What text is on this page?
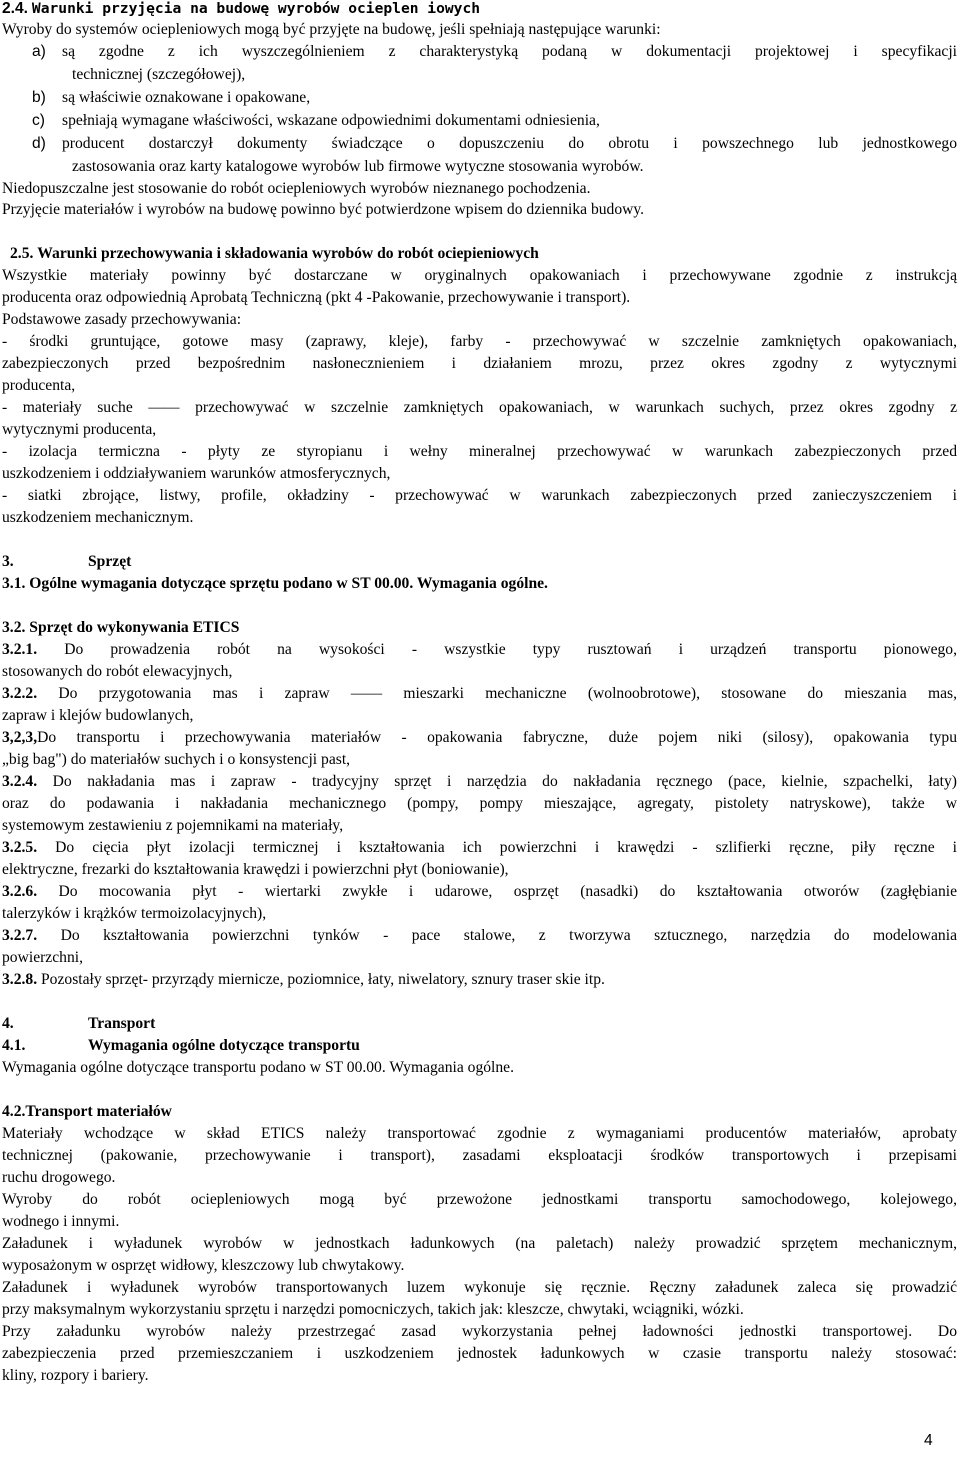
2.4. Warunki przyjęcia na budowę wyrobów ocieplen iowych
Wyroby do systemów ociepleniowych mogą być przyjęte na budowę, jeśli spełniają następujące warunki:
a) są zgodne z ich wyszczególnieniem z charakterystyką podaną w dokumentacji projektowej i specyfikacji
technicznej (szczegółowej),
b) są właściwie oznakowane i opakowane,
c) spełniają wymagane właściwości, wskazane odpowiednimi dokumentami odniesienia,
d) producent dostarczył dokumenty świadczące o dopuszczeniu do obrotu i powszechnego lub jednostkowego
zastosowania oraz karty katalogowe wyrobów lub firmowe wytyczne stosowania wyrobów.
Niedopuszczalne jest stosowanie do robót ociepleniowych wyrobów nieznanego pochodzenia.
Przyjęcie materiałów i wyrobów na budowę powinno być potwierdzone wpisem do dziennika budowy.
2.5. Warunki przechowywania i składowania wyrobów do robót ociepieniowych
Wszystkie materiały powinny być dostarczane w oryginalnych opakowaniach i przechowywane zgodnie z instrukcją
producenta oraz odpowiednią Aprobatą Techniczną (pkt 4 -Pakowanie, przechowywanie i transport).
Podstawowe zasady przechowywania:
- środki gruntujące, gotowe masy (zaprawy, kleje), farby - przechowywać w szczelnie zamkniętych opakowaniach,
zabezpieczonych przed bezpośrednim nasłonecznieniem i działaniem mrozu, przez okres zgodny z wytycznymi
producenta,
- materiały suche —— przechowywać w szczelnie zamkniętych opakowaniach, w warunkach suchych, przez okres zgodny z
wytycznymi producenta,
- izolacja termiczna - płyty ze styropianu i wełny mineralnej przechowywać w warunkach zabezpieczonych przed
uszkodzeniem i oddziaływaniem warunków atmosferycznych,
- siatki zbrojące, listwy, profile, okładziny - przechowywać w warunkach zabezpieczonych przed zanieczyszczeniem i
uszkodzeniem mechanicznym.
3.	Sprzęt
3.1. Ogólne wymagania dotyczące sprzętu podano w ST 00.00. Wymagania ogólne.
3.2. Sprzęt do wykonywania ETICS
3.2.1. Do prowadzenia robót na wysokości - wszystkie typy rusztowań i urządzeń transportu pionowego,
stosowanych do robót elewacyjnych,
3.2.2. Do przygotowania mas i zapraw —— mieszarki mechaniczne (wolnoobrotowe), stosowane do mieszania mas,
zapraw i klejów budowlanych,
3,2,3,Do transportu i przechowywania materiałów - opakowania fabryczne, duże pojem niki (silosy), opakowania typu
„big bag") do materiałów suchych i o konsystencji past,
3.2.4. Do nakładania mas i zapraw - tradycyjny sprzęt i narzędzia do nakładania ręcznego (pace, kielnie, szpachelki, łaty)
oraz do podawania i nakładania mechanicznego (pompy, pompy mieszające, agregaty, pistolety natryskowe), także w
systemowym zestawieniu z pojemnikami na materiały,
3.2.5. Do cięcia płyt izolacji termicznej i kształtowania ich powierzchni i krawędzi - szlifierki ręczne, piły ręczne i
elektryczne, frezarki do kształtowania krawędzi i powierzchni płyt (boniowanie),
3.2.6. Do mocowania płyt - wiertarki zwykłe i udarowe, osprzęt (nasadki) do kształtowania otworów (zagłębianie
talerzyków i krążków termoizolacyjnych),
3.2.7. Do kształtowania powierzchni tynków - pace stalowe, z tworzywa sztucznego, narzędzia do modelowania
powierzchni,
3.2.8. Pozostały sprzęt- przyrządy miernicze, poziomnice, łaty, niwelatory, sznury traser skie itp.
4.	Transport
4.1.	Wymagania ogólne dotyczące transportu
Wymagania ogólne dotyczące transportu podano w ST 00.00. Wymagania ogólne.
4.2.Transport materiałów
Materiały wchodzące w skład ETICS należy transportować zgodnie z wymaganiami producentów materiałów, aprobaty
technicznej (pakowanie, przechowywanie i transport), zasadami eksploatacji środków transportowych i przepisami
ruchu drogowego.
Wyroby do robót ociepleniowych mogą być przewożone jednostkami transportu samochodowego, kolejowego,
wodnego i innymi.
Załadunek i wyładunek wyrobów w jednostkach ładunkowych (na paletach) należy prowadzić sprzętem mechanicznym,
wyposażonym w osprzęt widłowy, kleszczowy lub chwytakowy.
Załadunek i wyładunek wyrobów transportowanych luzem wykonuje się ręcznie. Ręczny załadunek zaleca się prowadzić
przy maksymalnym wykorzystaniu sprzętu i narzędzi pomocniczych, takich jak: kleszcze, chwytaki, wciągniki, wózki.
Przy załadunku wyrobów należy przestrzegać zasad wykorzystania pełnej ładowności jednostki transportowej. Do
zabezpieczenia przed przemieszczaniem i uszkodzeniem jednostek ładunkowych w czasie transportu należy stosować:
kliny, rozpory i bariery.
4
